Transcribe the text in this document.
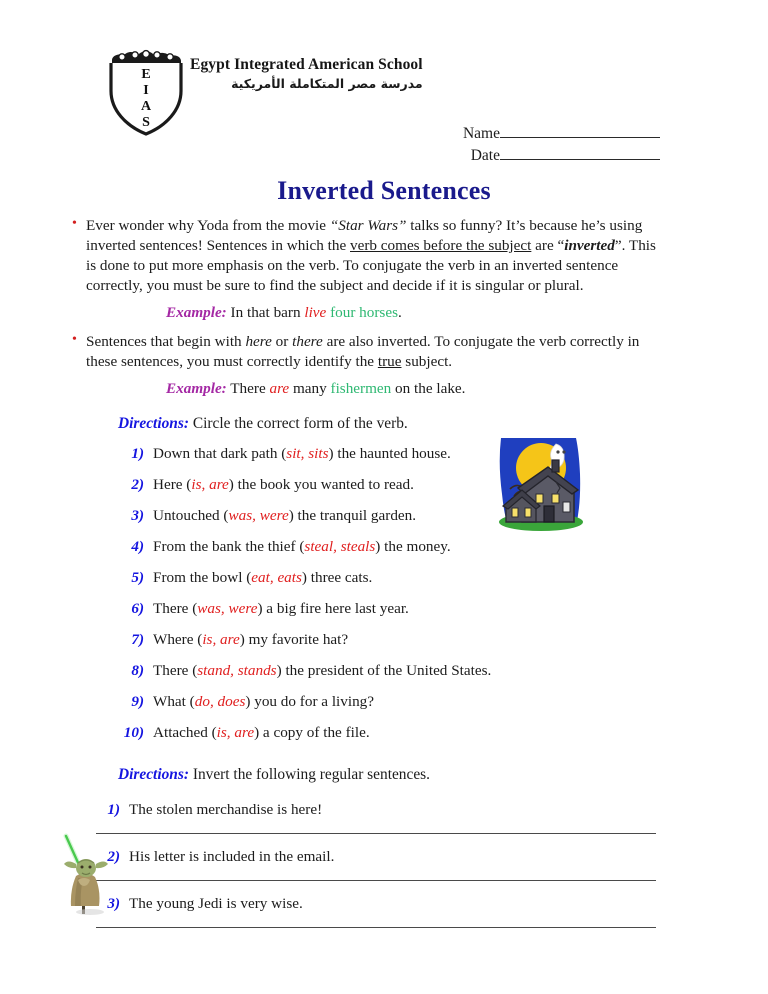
E
I
A
S
Egypt Integrated American School
مدرسة مصر المتكاملة الأمريكية
Name
Date
Inverted Sentences
• Ever wonder why Yoda from the movie “Star Wars” talks so funny? It’s because he’s using inverted sentences! Sentences in which the verb comes before the subject are “inverted”. This is done to put more emphasis on the verb. To conjugate the verb in an inverted sentence correctly, you must be sure to find the subject and decide if it is singular or plural.
Example: In that barn live four horses.
• Sentences that begin with here or there are also inverted. To conjugate the verb correctly in these sentences, you must correctly identify the true subject.
Example: There are many fishermen on the lake.
Directions: Circle the correct form of the verb.
1) Down that dark path (sit, sits) the haunted house.
2) Here (is, are) the book you wanted to read.
3) Untouched (was, were) the tranquil garden.
4) From the bank the thief (steal, steals) the money.
5) From the bowl (eat, eats) three cats.
6) There (was, were) a big fire here last year.
7) Where (is, are) my favorite hat?
8) There (stand, stands) the president of the United States.
9) What (do, does) you do for a living?
10) Attached (is, are) a copy of the file.
Directions: Invert the following regular sentences.
1) The stolen merchandise is here!
2) His letter is included in the email.
3) The young Jedi is very wise.
